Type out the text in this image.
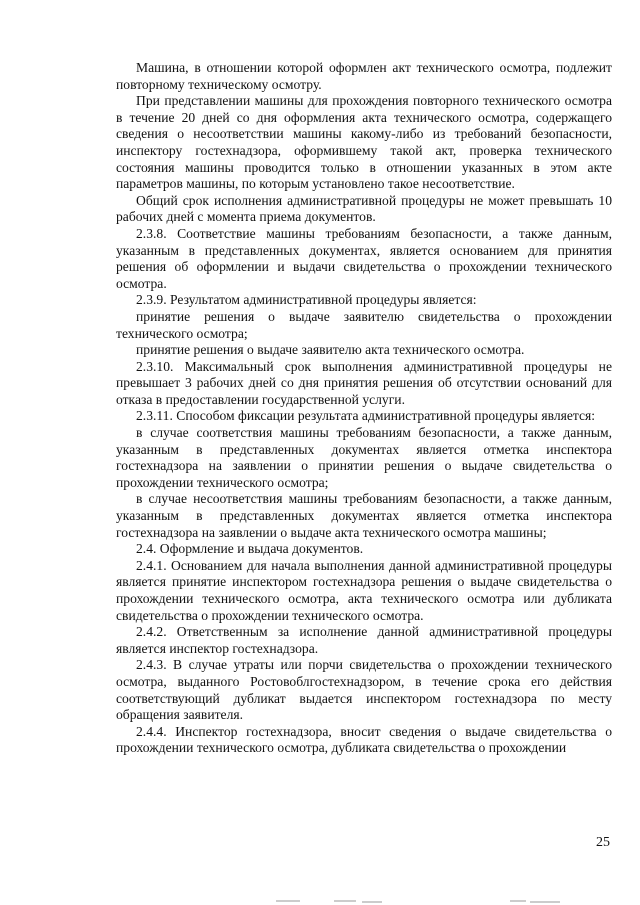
Машина, в отношении которой оформлен акт технического осмотра, подлежит повторному техническому осмотру.

При представлении машины для прохождения повторного технического осмотра в течение 20 дней со дня оформления акта технического осмотра, содержащего сведения о несоответствии машины какому-либо из требований безопасности, инспектору гостехнадзора, оформившему такой акт, проверка технического состояния машины проводится только в отношении указанных в этом акте параметров машины, по которым установлено такое несоответствие.

Общий срок исполнения административной процедуры не может превышать 10 рабочих дней с момента приема документов.

2.3.8. Соответствие машины требованиям безопасности, а также данным, указанным в представленных документах, является основанием для принятия решения об оформлении и выдачи свидетельства о прохождении технического осмотра.

2.3.9. Результатом административной процедуры является:

принятие решения о выдаче заявителю свидетельства о прохождении технического осмотра;

принятие решения о выдаче заявителю акта технического осмотра.

2.3.10. Максимальный срок выполнения административной процедуры не превышает 3 рабочих дней со дня принятия решения об отсутствии оснований для отказа в предоставлении государственной услуги.

2.3.11. Способом фиксации результата административной процедуры является:

в случае соответствия машины требованиям безопасности, а также данным, указанным в представленных документах является отметка инспектора гостехнадзора на заявлении о принятии решения о выдаче свидетельства о прохождении технического осмотра;

в случае несоответствия машины требованиям безопасности, а также данным, указанным в представленных документах является отметка инспектора гостехнадзора на заявлении о выдаче акта технического осмотра машины;

2.4. Оформление и выдача документов.

2.4.1. Основанием для начала выполнения данной административной процедуры является принятие инспектором гостехнадзора решения о выдаче свидетельства о прохождении технического осмотра, акта технического осмотра или дубликата свидетельства о прохождении технического осмотра.

2.4.2. Ответственным за исполнение данной административной процедуры является инспектор гостехнадзора.

2.4.3. В случае утраты или порчи свидетельства о прохождении технического осмотра, выданного Ростовоблгостехнадзором, в течение срока его действия соответствующий дубликат выдается инспектором гостехнадзора по месту обращения заявителя.

2.4.4. Инспектор гостехнадзора, вносит сведения о выдаче свидетельства о прохождении технического осмотра, дубликата свидетельства о прохождении

25
